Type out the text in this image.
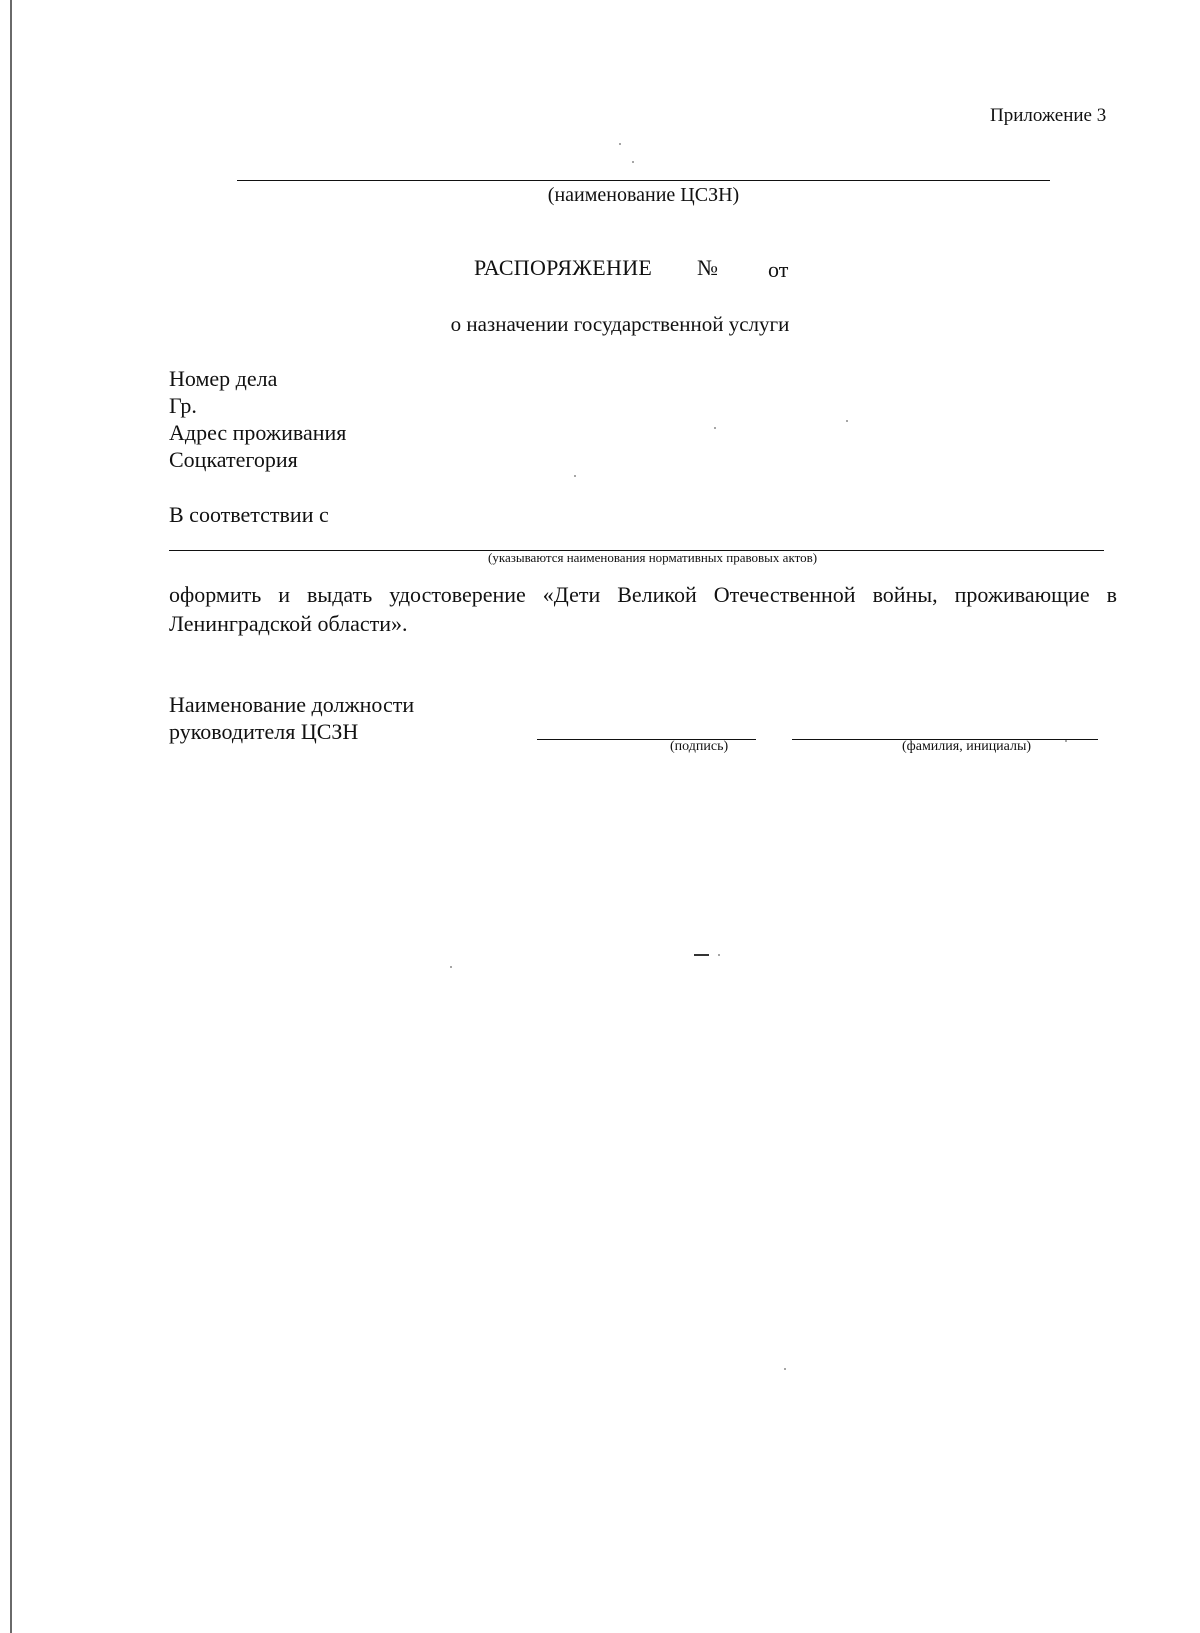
Приложение 3
(наименование ЦСЗН)
РАСПОРЯЖЕНИЕ № от
о назначении государственной услуги
Номер дела
Гр.
Адрес проживания
Соцкатегория
В соответствии с
(указываются наименования нормативных правовых актов)
оформить и выдать удостоверение «Дети Великой Отечественной войны, проживающие в Ленинградской области».
Наименование должности
руководителя ЦСЗН
(подпись)	(фамилия, инициалы)
